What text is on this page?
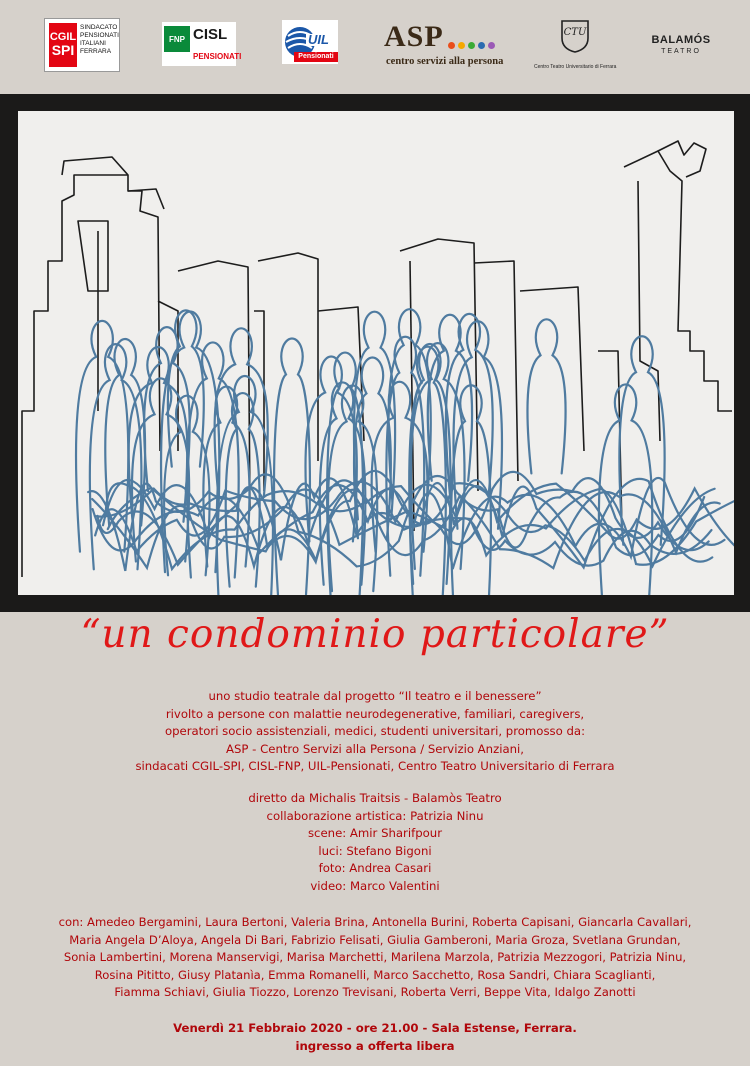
CGIL
SPI
SINDACATO
PENSIONATI
ITALIANI
FERRARA
FNP CISL
PENSIONATI
UIL
Pensionati
ASP
centro servizi alla persona
CTU
Centro Teatro Universitario di Ferrara
BALAMÓS
TEATRO
“un condominio particolare”
uno studio teatrale dal progetto “Il teatro e il benessere”
rivolto a persone con malattie neurodegenerative, familiari, caregivers,
operatori socio assistenziali, medici, studenti universitari, promosso da:
ASP - Centro Servizi alla Persona / Servizio Anziani,
sindacati CGIL-SPI, CISL-FNP, UIL-Pensionati, Centro Teatro Universitario di Ferrara
diretto da Michalis Traitsis - Balamòs Teatro
collaborazione artistica: Patrizia Ninu
scene: Amir Sharifpour
luci: Stefano Bigoni
foto: Andrea Casari
video: Marco Valentini
con: Amedeo Bergamini, Laura Bertoni, Valeria Brina, Antonella Burini, Roberta Capisani, Giancarla Cavallari,
Maria Angela D’Aloya, Angela Di Bari, Fabrizio Felisati, Giulia Gamberoni, Maria Groza, Svetlana Grundan,
Sonia Lambertini, Morena Manservigi, Marisa Marchetti, Marilena Marzola, Patrizia Mezzogori, Patrizia Ninu,
Rosina Pititto, Giusy Platanìa, Emma Romanelli, Marco Sacchetto, Rosa Sandri, Chiara Scaglianti,
Fiamma Schiavi, Giulia Tiozzo, Lorenzo Trevisani, Roberta Verri, Beppe Vita, Idalgo Zanotti
Venerdì 21 Febbraio 2020 - ore 21.00 - Sala Estense, Ferrara.
ingresso a offerta libera
